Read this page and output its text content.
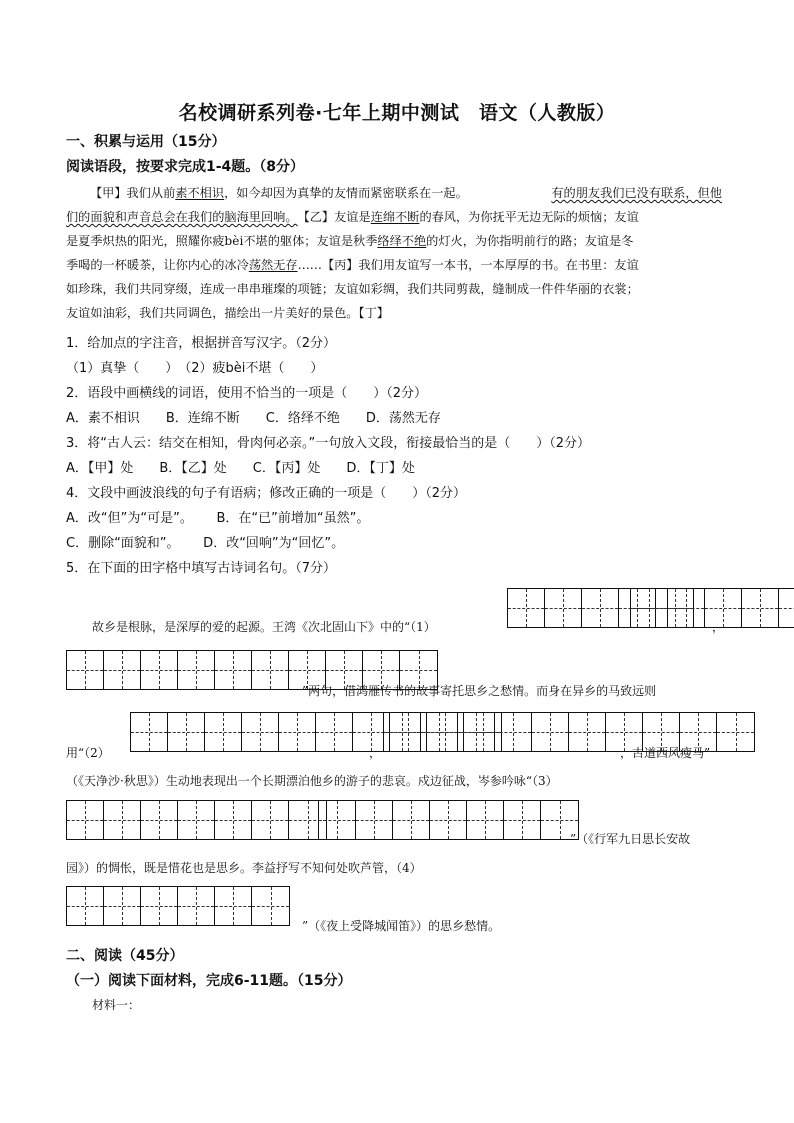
名校调研系列卷·七年上期中测试　语文（人教版）
一、积累与运用（15分）
阅读语段，按要求完成1-4题。（8分）
【甲】我们从前素不相识，如今却因为真挚的友情而紧密联系在一起。	有的朋友我们已没有联系，但他
们的面貌和声音总会在我们的脑海里回响。 【乙】友谊是 连绵不断 的春风，为你抚平无边无际的烦恼；友谊
是夏季炽热的阳光，照耀你疲bèi不堪的躯体；友谊是秋季 络绎不绝 的灯火，为你指明前行的路；友谊是冬
季喝的一杯暖茶，让你内心的冰冷 荡然无存 ……【丙】我们用友谊写一本书，一本厚厚的书。在书里：友谊
如珍珠，我们共同穿缀，连成一串串璀璨的项链；友谊如彩绸，我们共同剪裁，缝制成一件件华丽的衣裳；
友谊如油彩，我们共同调色，描绘出一片美好的景色。【丁】
1．给加点的字注音，根据拼音写汉字。（2分）
（1）真挚（　　）　（2）疲bèi不堪（　　）
2．语段中画横线的词语，使用不恰当的一项是（　　）（2分）
A．素不相识　　B．连绵不断　　C．络绎不绝　　D．荡然无存
3．将“古人云：结交在相知，骨肉何必亲。”一句放入文段，衔接最恰当的是（　　）（2分）
A．【甲】处　　B．【乙】处　　C．【丙】处　　D．【丁】处
4．文段中画波浪线的句子有语病；修改正确的一项是（　　）（2分）
A．改“但”为“可是”。　　 B．在“已”前增加“虽然”。
C．删除“面貌和”。　　 D．改“回响”为“回忆”。
5．在下面的田字格中填写古诗词名句。（7分）
故乡是根脉，是深厚的爱的起源。王湾《次北固山下》中的“（1）	，
”两句，借鸿雁传书的故事寄托思乡之愁情。而身在异乡的马致远则
用“（2）	，	，古道西风瘦马”
（《天净沙·秋思》）生动地表现出一个长期漂泊他乡的游子的悲哀。戍边征战，岑参吟咏“（3）
”（《行军九日思长安故
园》）的惆怅，既是惜花也是思乡。李益抒写不知何处吹芦管，（4）
”（《夜上受降城闻笛》）的思乡愁情。
二、阅读（45分）
（一）阅读下面材料，完成6-11题。（15分）
材料一：
